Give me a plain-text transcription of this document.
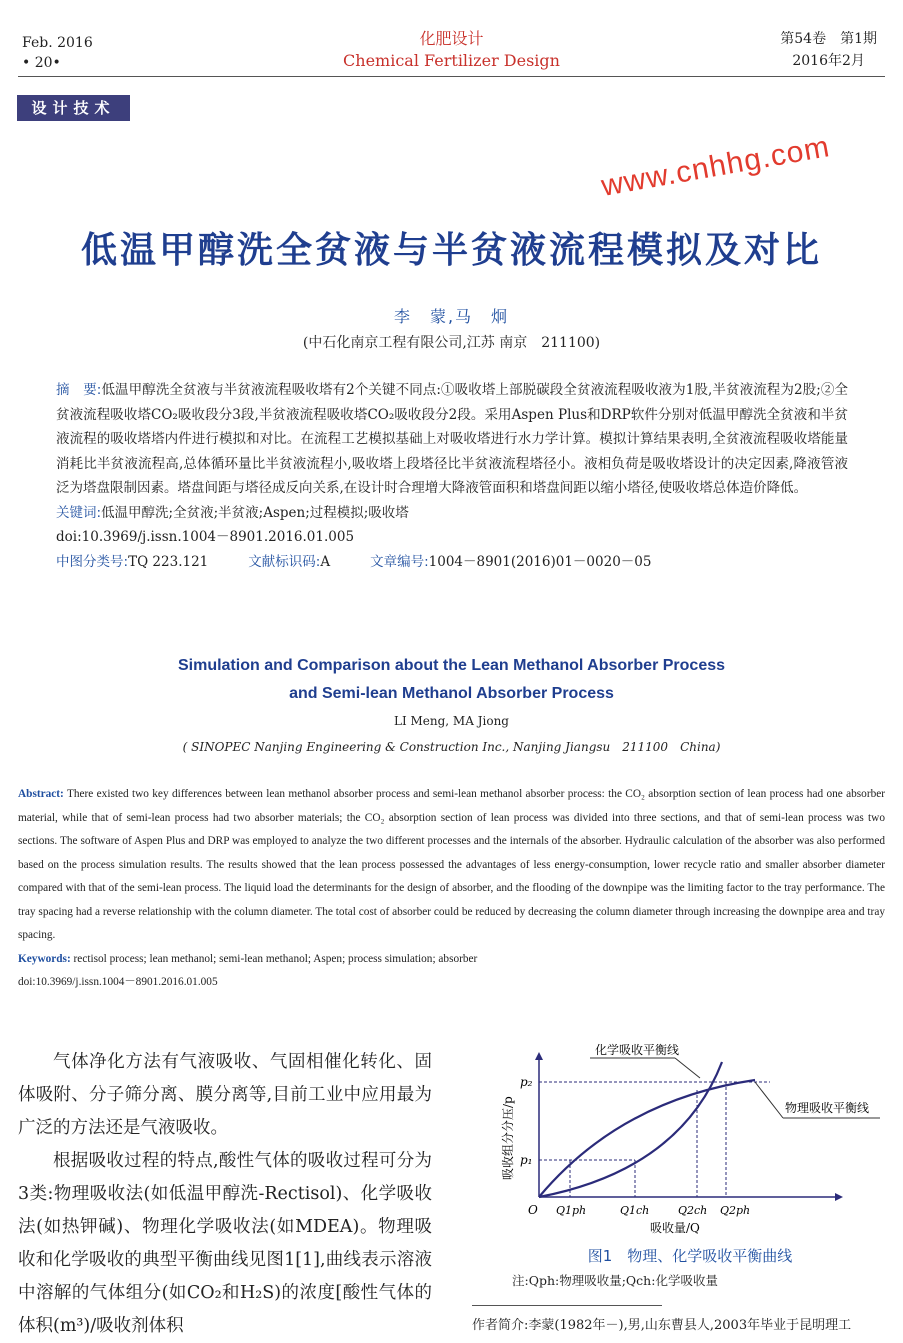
Feb. 2016
• 20•
化肥设计
Chemical Fertilizer Design
第54卷　第1期
2016年2月
设计技术
www.cnhhg.com
低温甲醇洗全贫液与半贫液流程模拟及对比
李　蒙,马　炯
(中石化南京工程有限公司,江苏 南京　211100)
摘　要:低温甲醇洗全贫液与半贫液流程吸收塔有2个关键不同点:①吸收塔上部脱碳段全贫液流程吸收液为1股,半贫液流程为2股;②全贫液流程吸收塔CO₂吸收段分3段,半贫液流程吸收塔CO₂吸收段分2段。采用Aspen Plus和DRP软件分别对低温甲醇洗全贫液和半贫液流程的吸收塔塔内件进行模拟和对比。在流程工艺模拟基础上对吸收塔进行水力学计算。模拟计算结果表明,全贫液流程吸收塔能量消耗比半贫液流程高,总体循环量比半贫液流程小,吸收塔上段塔径比半贫液流程塔径小。液相负荷是吸收塔设计的决定因素,降液管液泛为塔盘限制因素。塔盘间距与塔径成反向关系,在设计时合理增大降液管面积和塔盘间距以缩小塔径,使吸收塔总体造价降低。
关键词:低温甲醇洗;全贫液;半贫液;Aspen;过程模拟;吸收塔
doi:10.3969/j.issn.1004－8901.2016.01.005
中图分类号:TQ 223.121	文献标识码:A	文章编号:1004－8901(2016)01－0020－05
Simulation and Comparison about the Lean Methanol Absorber Process
and Semi-lean Methanol Absorber Process
LI Meng, MA Jiong
( SINOPEC Nanjing Engineering & Construction Inc., Nanjing Jiangsu　211100　China)
Abstract: There existed two key differences between lean methanol absorber process and semi-lean methanol absorber process: the CO₂ absorption section of lean process had one absorber material, while that of semi-lean process had two absorber materials; the CO₂ absorption section of lean process was divided into three sections, and that of semi-lean process was two sections. The software of Aspen Plus and DRP was employed to analyze the two different processes and the internals of the absorber. Hydraulic calculation of the absorber was also performed based on the process simulation results. The results showed that the lean process possessed the advantages of less energy-consumption, lower recycle ratio and smaller absorber diameter compared with that of the semi-lean process. The liquid load the determinants for the design of absorber, and the flooding of the downpipe was the limiting factor to the tray performance. The tray spacing had a reverse relationship with the column diameter. The total cost of absorber could be reduced by decreasing the column diameter through increasing the downpipe area and tray spacing.
Keywords: rectisol process; lean methanol; semi-lean methanol; Aspen; process simulation; absorber
doi:10.3969/j.issn.1004－8901.2016.01.005

气体净化方法有气液吸收、气固相催化转化、固体吸附、分子筛分离、膜分离等,目前工业中应用最为广泛的方法还是气液吸收。

根据吸收过程的特点,酸性气体的吸收过程可分为3类:物理吸收法(如低温甲醇洗-Rectisol)、化学吸收法(如热钾碱)、物理化学吸收法(如MDEA)。物理吸收和化学吸收的典型平衡曲线见图1[1],曲线表示溶液中溶解的气体组分(如CO₂和H₂S)的浓度[酸性气体的体积(m³)/吸收剂体积

化学吸收平衡线
物理吸收平衡线
p₂
p₁
O Q1ph	Q1ch	Q2ch Q2ph
吸收量/Q
吸收组分分压/p
图1　物理、化学吸收平衡曲线
注:Qph:物理吸收量;Qch:化学吸收量
作者简介:李蒙(1982年－),男,山东曹县人,2003年毕业于昆明理工
